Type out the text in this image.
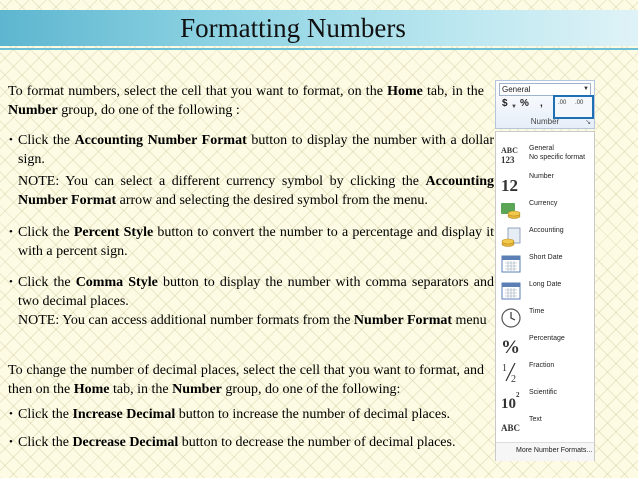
Formatting Numbers
To format numbers, select the cell that you want to format, on the Home tab, in the Number group, do one of the following :
• Click the Accounting Number Format button to display the number with a dollar sign.
NOTE: You can select a different currency symbol by clicking the Accounting Number Format arrow and selecting the desired symbol from the menu.
• Click the Percent Style button to convert the number to a percentage and display it with a percent sign.
• Click the Comma Style button to display the number with comma separators and two decimal places.
NOTE: You can access additional number formats from the Number Format menu
To change the number of decimal places, select the cell that you want to format, and then on the Home tab, in the Number group, do one of the following:
• Click the Increase Decimal button to increase the number of decimal places.
• Click the Decrease Decimal button to decrease the number of decimal places.
General	▼
$ ▼ % ,	.00 .00
Number	↘
ABC
123
General
No specific format
12 Number
Currency
Accounting
Short Date
Long Date
Time
% Percentage
1
2
Fraction
10
2 Scientific
ABC
Text
More Number Formats...
